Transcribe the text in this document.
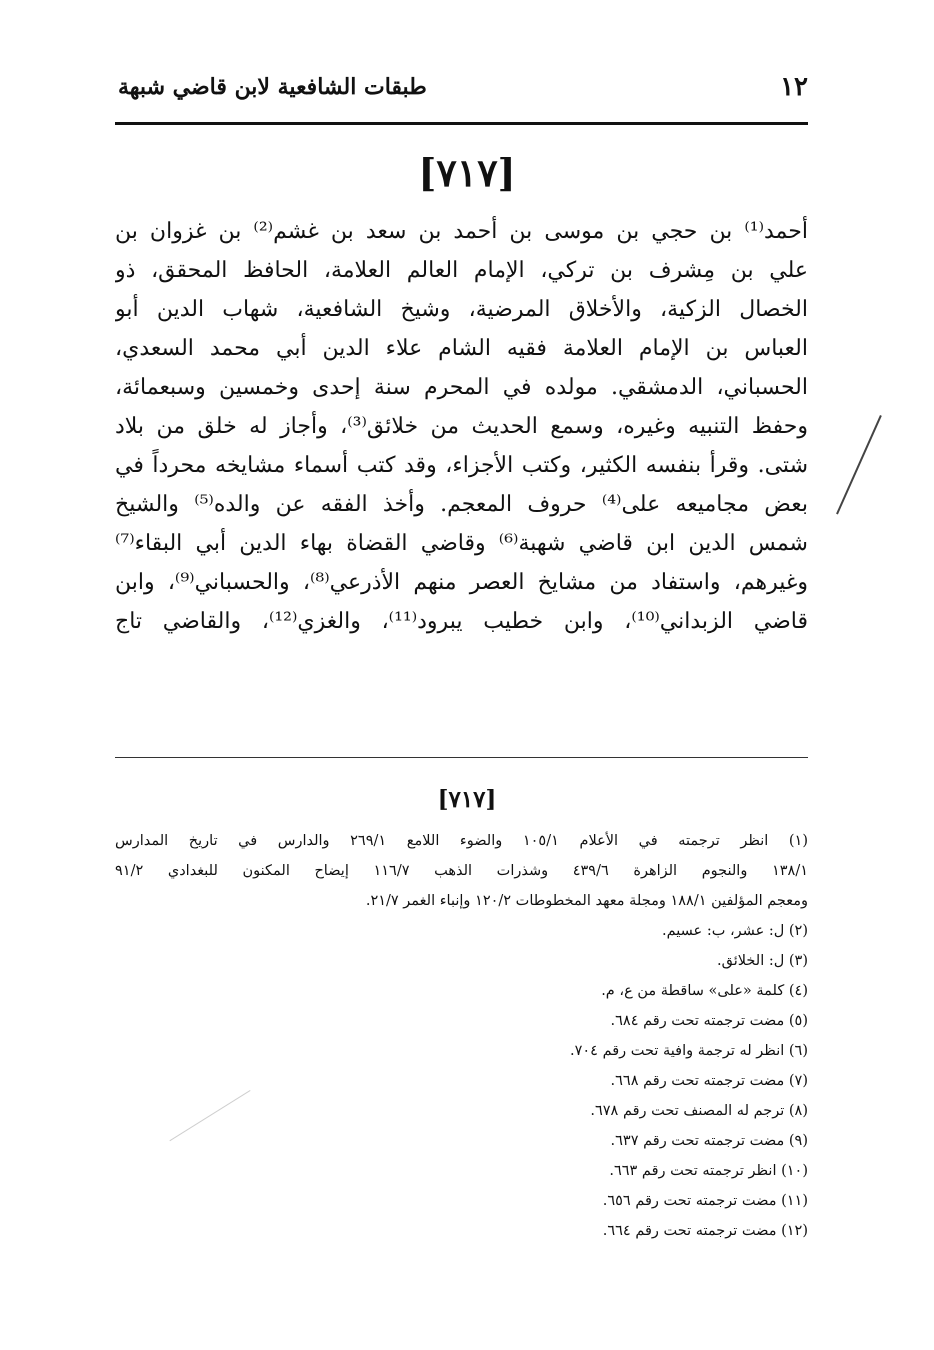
١٢
طبقات الشافعية لابن قاضي شبهة
[٧١٧]
أحمد⁽¹⁾ بن حجي بن موسى بن أحمد بن سعد بن غشم⁽²⁾ بن غزوان بن
علي بن مِشرف بن تركي، الإمام العالم العلامة، الحافظ المحقق، ذو
الخصال الزكية، والأخلاق المرضية، وشيخ الشافعية، شهاب الدين أبو
العباس بن الإمام العلامة فقيه الشام علاء الدين أبي محمد السعدي،
الحسباني، الدمشقي. مولده في المحرم سنة إحدى وخمسين وسبعمائة،
وحفظ التنبيه وغيره، وسمع الحديث من خلائق⁽³⁾، وأجاز له خلق من بلاد
شتى. وقرأ بنفسه الكثير، وكتب الأجزاء، وقد كتب أسماء مشايخه محرداً في
بعض مجاميعه على⁽⁴⁾ حروف المعجم. وأخذ الفقه عن والده⁽⁵⁾ والشيخ
شمس الدين ابن قاضي شهبة⁽⁶⁾ وقاضي القضاة بهاء الدين أبي البقاء⁽⁷⁾
وغيرهم، واستفاد من مشايخ العصر منهم الأذرعي⁽⁸⁾، والحسباني⁽⁹⁾، وابن
قاضي الزبداني⁽¹⁰⁾، وابن خطيب يبرود⁽¹¹⁾، والغزي⁽¹²⁾، والقاضي تاج
[٧١٧]
(١) انظر ترجمته في الأعلام ١٠٥/١ والضوء اللامع ٢٦٩/١ والدارس في تاريخ المدارس
١٣٨/١ والنجوم الزاهرة ٤٣٩/٦ وشذرات الذهب ١١٦/٧ إيضاح المكنون للبغدادي ٩١/٢
ومعجم المؤلفين ١٨٨/١ ومجلة معهد المخطوطات ١٢٠/٢ وإنباء الغمر ٢١/٧.
(٢) ل: عشر، ب: عسيم.
(٣) ل: الخلائق.
(٤) كلمة «على» ساقطة من ع، م.
(٥) مضت ترجمته تحت رقم ٦٨٤.
(٦) انظر له ترجمة وافية تحت رقم ٧٠٤.
(٧) مضت ترجمته تحت رقم ٦٦٨.
(٨) ترجم له المصنف تحت رقم ٦٧٨.
(٩) مضت ترجمته تحت رقم ٦٣٧.
(١٠) انظر ترجمته تحت رقم ٦٦٣.
(١١) مضت ترجمته تحت رقم ٦٥٦.
(١٢) مضت ترجمته تحت رقم ٦٦٤.
